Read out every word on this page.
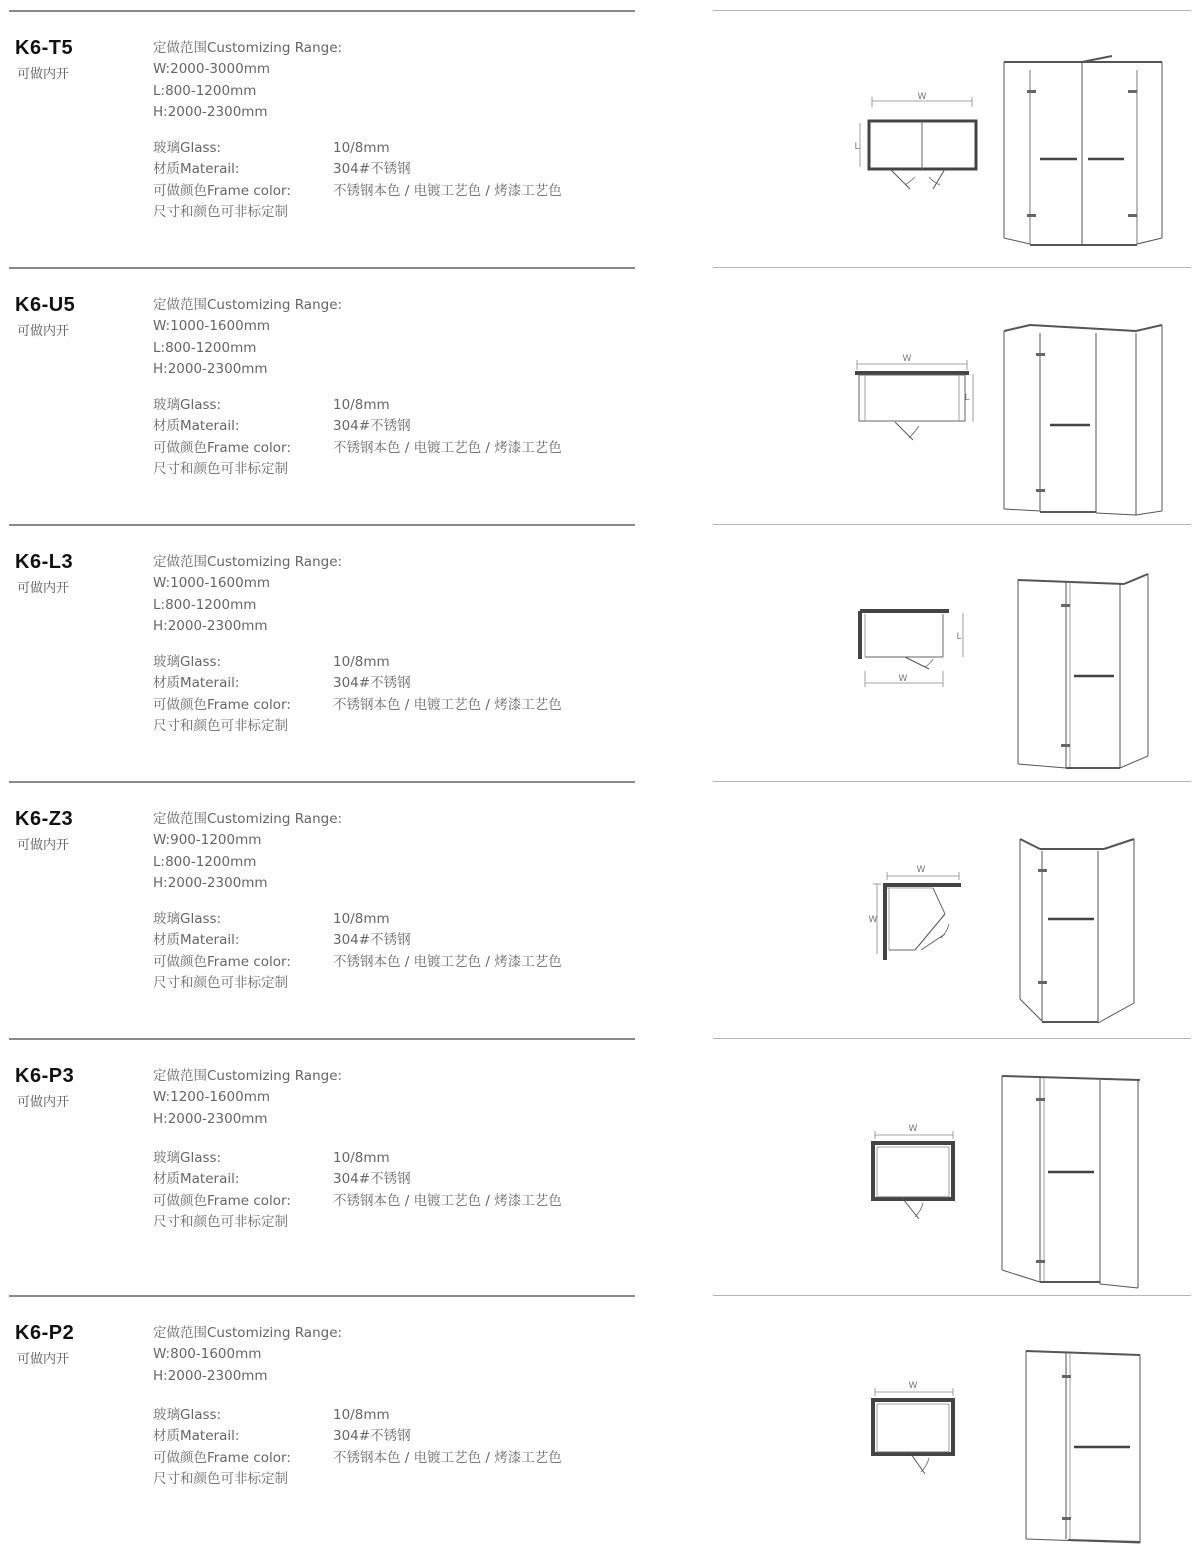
K6-T5
可做内开
定做范围Customizing Range:
W:2000-3000mm
L:800-1200mm
H:2000-2300mm
玻璃Glass:	10/8mm
材质Materail:	304#不锈钢
可做颜色Frame color:	不锈钢本色 / 电镀工艺色 / 烤漆工艺色
尺寸和颜色可非标定制
W
L
K6-U5
可做内开
定做范围Customizing Range:
W:1000-1600mm
L:800-1200mm
H:2000-2300mm
玻璃Glass:	10/8mm
材质Materail:	304#不锈钢
可做颜色Frame color:	不锈钢本色 / 电镀工艺色 / 烤漆工艺色
尺寸和颜色可非标定制
W
L
K6-L3
可做内开
定做范围Customizing Range:
W:1000-1600mm
L:800-1200mm
H:2000-2300mm
玻璃Glass:	10/8mm
材质Materail:	304#不锈钢
可做颜色Frame color:	不锈钢本色 / 电镀工艺色 / 烤漆工艺色
尺寸和颜色可非标定制
L
W
K6-Z3
可做内开
定做范围Customizing Range:
W:900-1200mm
L:800-1200mm
H:2000-2300mm
玻璃Glass:	10/8mm
材质Materail:	304#不锈钢
可做颜色Frame color:	不锈钢本色 / 电镀工艺色 / 烤漆工艺色
尺寸和颜色可非标定制
W
W
K6-P3
可做内开
定做范围Customizing Range:
W:1200-1600mm
H:2000-2300mm
玻璃Glass:	10/8mm
材质Materail:	304#不锈钢
可做颜色Frame color:	不锈钢本色 / 电镀工艺色 / 烤漆工艺色
尺寸和颜色可非标定制
W
K6-P2
可做内开
定做范围Customizing Range:
W:800-1600mm
H:2000-2300mm
玻璃Glass:	10/8mm
材质Materail:	304#不锈钢
可做颜色Frame color:	不锈钢本色 / 电镀工艺色 / 烤漆工艺色
尺寸和颜色可非标定制
W
